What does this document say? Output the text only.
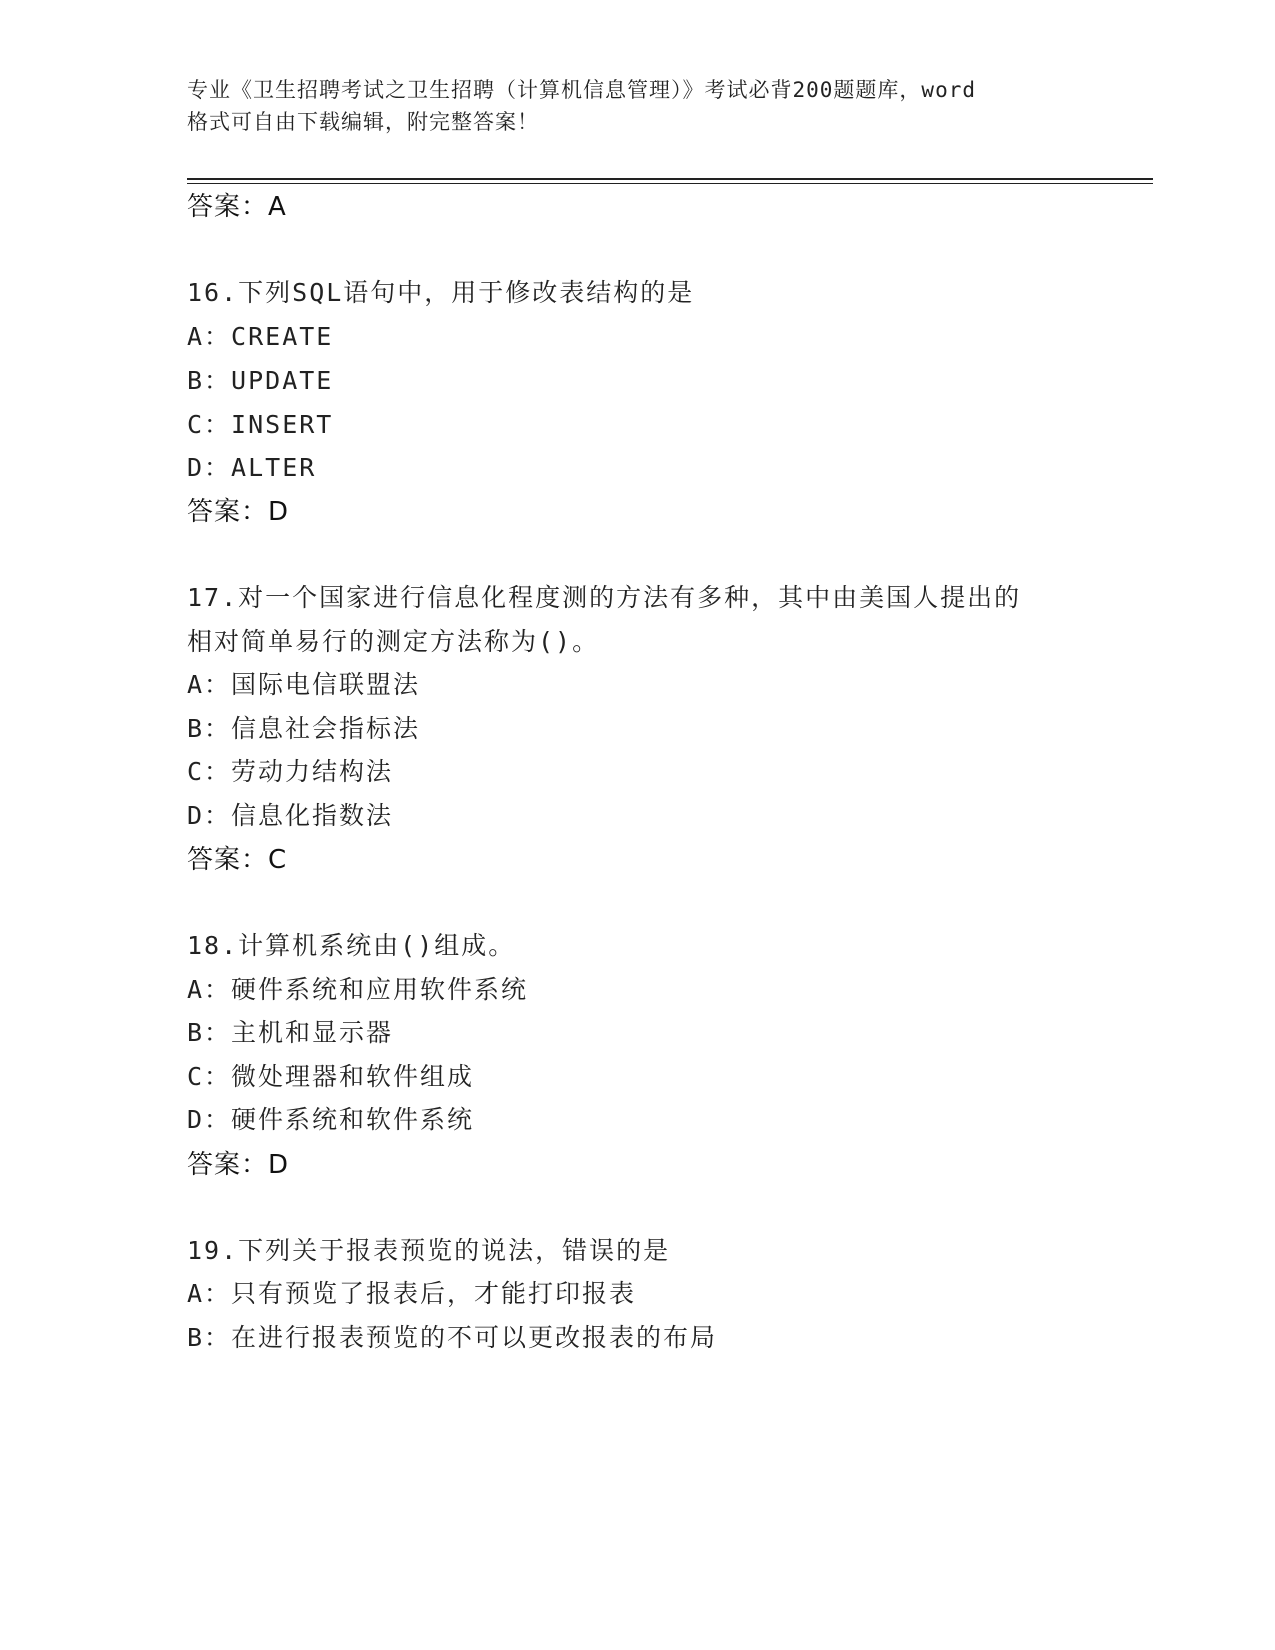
专业《卫生招聘考试之卫生招聘（计算机信息管理）》考试必背200题题库，word
格式可自由下载编辑，附完整答案！
答案：A
16.下列SQL语句中，用于修改表结构的是
A：CREATE
B：UPDATE
C：INSERT
D：ALTER
答案：D
17.对一个国家进行信息化程度测的方法有多种，其中由美国人提出的
相对简单易行的测定方法称为()。
A：国际电信联盟法
B：信息社会指标法
C：劳动力结构法
D：信息化指数法
答案：C
18.计算机系统由()组成。
A：硬件系统和应用软件系统
B：主机和显示器
C：微处理器和软件组成
D：硬件系统和软件系统
答案：D
19.下列关于报表预览的说法，错误的是
A：只有预览了报表后，才能打印报表
B：在进行报表预览的不可以更改报表的布局
